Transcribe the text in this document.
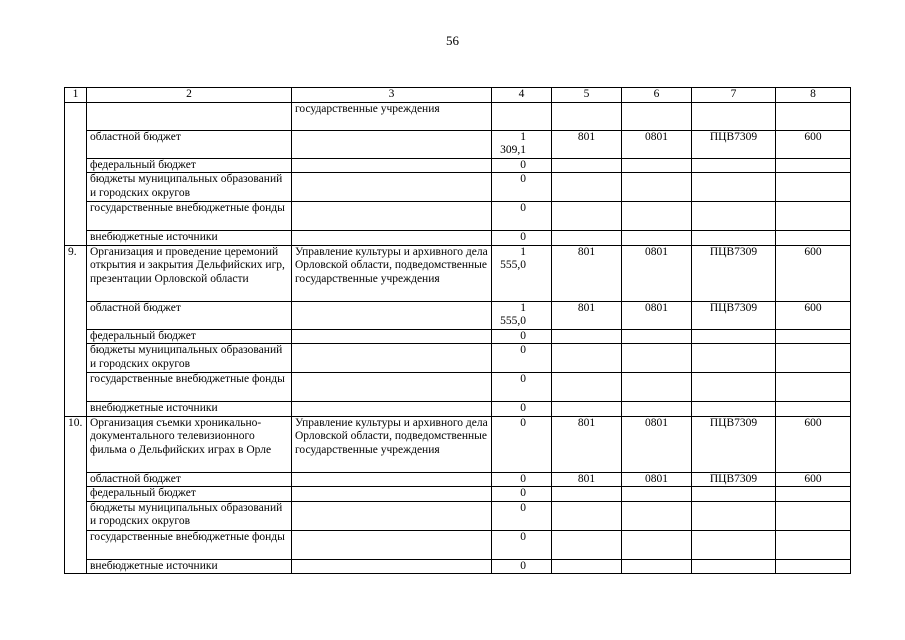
56
1	2	3	4	5	6	7	8
		государственные учреждения					
	областной бюджет		1 309,1	801	0801	ПЦВ7309	600
	федеральный бюджет		0				
	бюджеты муниципальных образований и городских округов		0				
	государственные внебюджетные фонды		0				
	внебюджетные источники		0				
9.	Организация и проведение церемоний открытия и закрытия Дельфийских игр, презентации Орловской области	Управление культуры и архивного дела Орловской области, подведомственные государственные учреждения	1 555,0	801	0801	ПЦВ7309	600
	областной бюджет		1 555,0	801	0801	ПЦВ7309	600
	федеральный бюджет		0				
	бюджеты муниципальных образований и городских округов		0				
	государственные внебюджетные фонды		0				
	внебюджетные источники		0				
10.	Организация съемки хроникально-документального телевизионного фильма о Дельфийских играх в Орле	Управление культуры и архивного дела Орловской области, подведомственные государственные учреждения	0	801	0801	ПЦВ7309	600
	областной бюджет		0	801	0801	ПЦВ7309	600
	федеральный бюджет		0				
	бюджеты муниципальных образований и городских округов		0				
	государственные внебюджетные фонды		0				
	внебюджетные источники		0				
